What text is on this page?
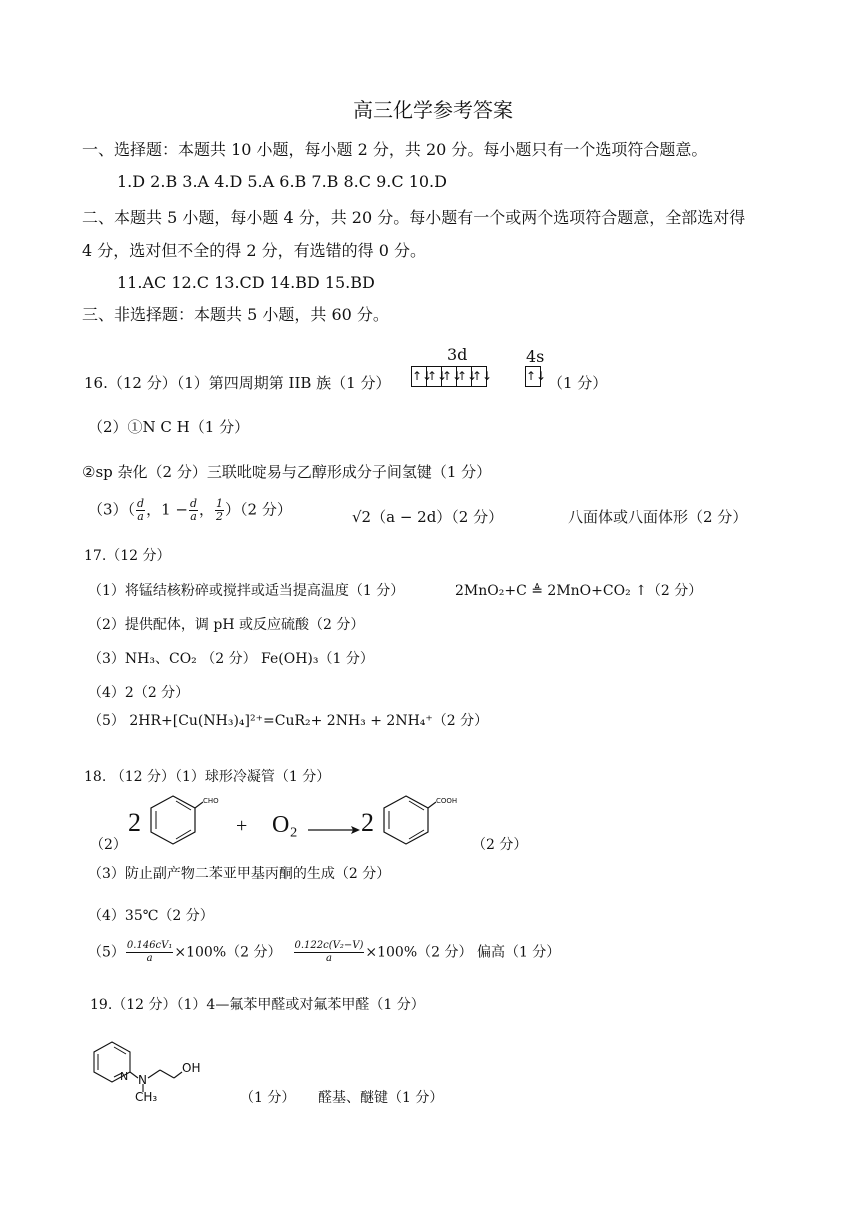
高三化学参考答案
一、选择题：本题共 10 小题，每小题 2 分，共 20 分。每小题只有一个选项符合题意。
1.D 2.B 3.A 4.D 5.A 6.B 7.B 8.C 9.C 10.D
二、本题共 5 小题，每小题 4 分，共 20 分。每小题有一个或两个选项符合题意，全部选对得
4 分，选对但不全的得 2 分，有选错的得 0 分。
11.AC 12.C 13.CD 14.BD 15.BD
三、非选择题：本题共 5 小题，共 60 分。
16.（12 分）（1）第四周期第 IIB 族（1 分）
3d	4s
↑↓
↑↓
↑↓
↑↓
↑↓	↑↓ （1 分）
（2）①N C H（1 分）
②sp 杂化（2 分）三联吡啶易与乙醇形成分子间氢键（1 分）
$(3)( \frac{d}{a}$ ，$1 - \frac{d}{a}$ ， $\frac{1}{2} )(2$ 分）	√2（a − 2d）（2 分）	八面体或八面体形（2 分）
17.（12 分）
（1）将锰结核粉碎或搅拌或适当提高温度（1 分）	2MnO₂+C ≜ 2MnO+CO₂ ↑（2 分）
（2）提供配体，调 pH 或反应硫酸（2 分）
（3）NH₃、CO₂ （2 分） Fe(OH)₃（1 分）
（4）2（2 分）
（5） 2HR+[Cu(NH₃)₄]²⁺=CuR₂+ 2NH₃ + 2NH₄⁺（2 分）
18. （12 分）（1）球形冷凝管（1 分）
（2）
2
CHO
+ O₂ → 2
COOH
（2 分）
（3）防止副产物二苯亚甲基丙酮的生成（2 分）
（4）35℃（2 分）
$(5) \frac{\text{0.146cV₁}}{a} \times 100\%(2$ 分） $\frac{\text{0.122c(V₂−V)}}{a} \times 100\%(2$ 分） 偏高（1 分）
19.（12 分）（1）4—氟苯甲醛或对氟苯甲醛（1 分）
N N
OH
CH₃	（1 分） 醛基、醚键（1 分）
